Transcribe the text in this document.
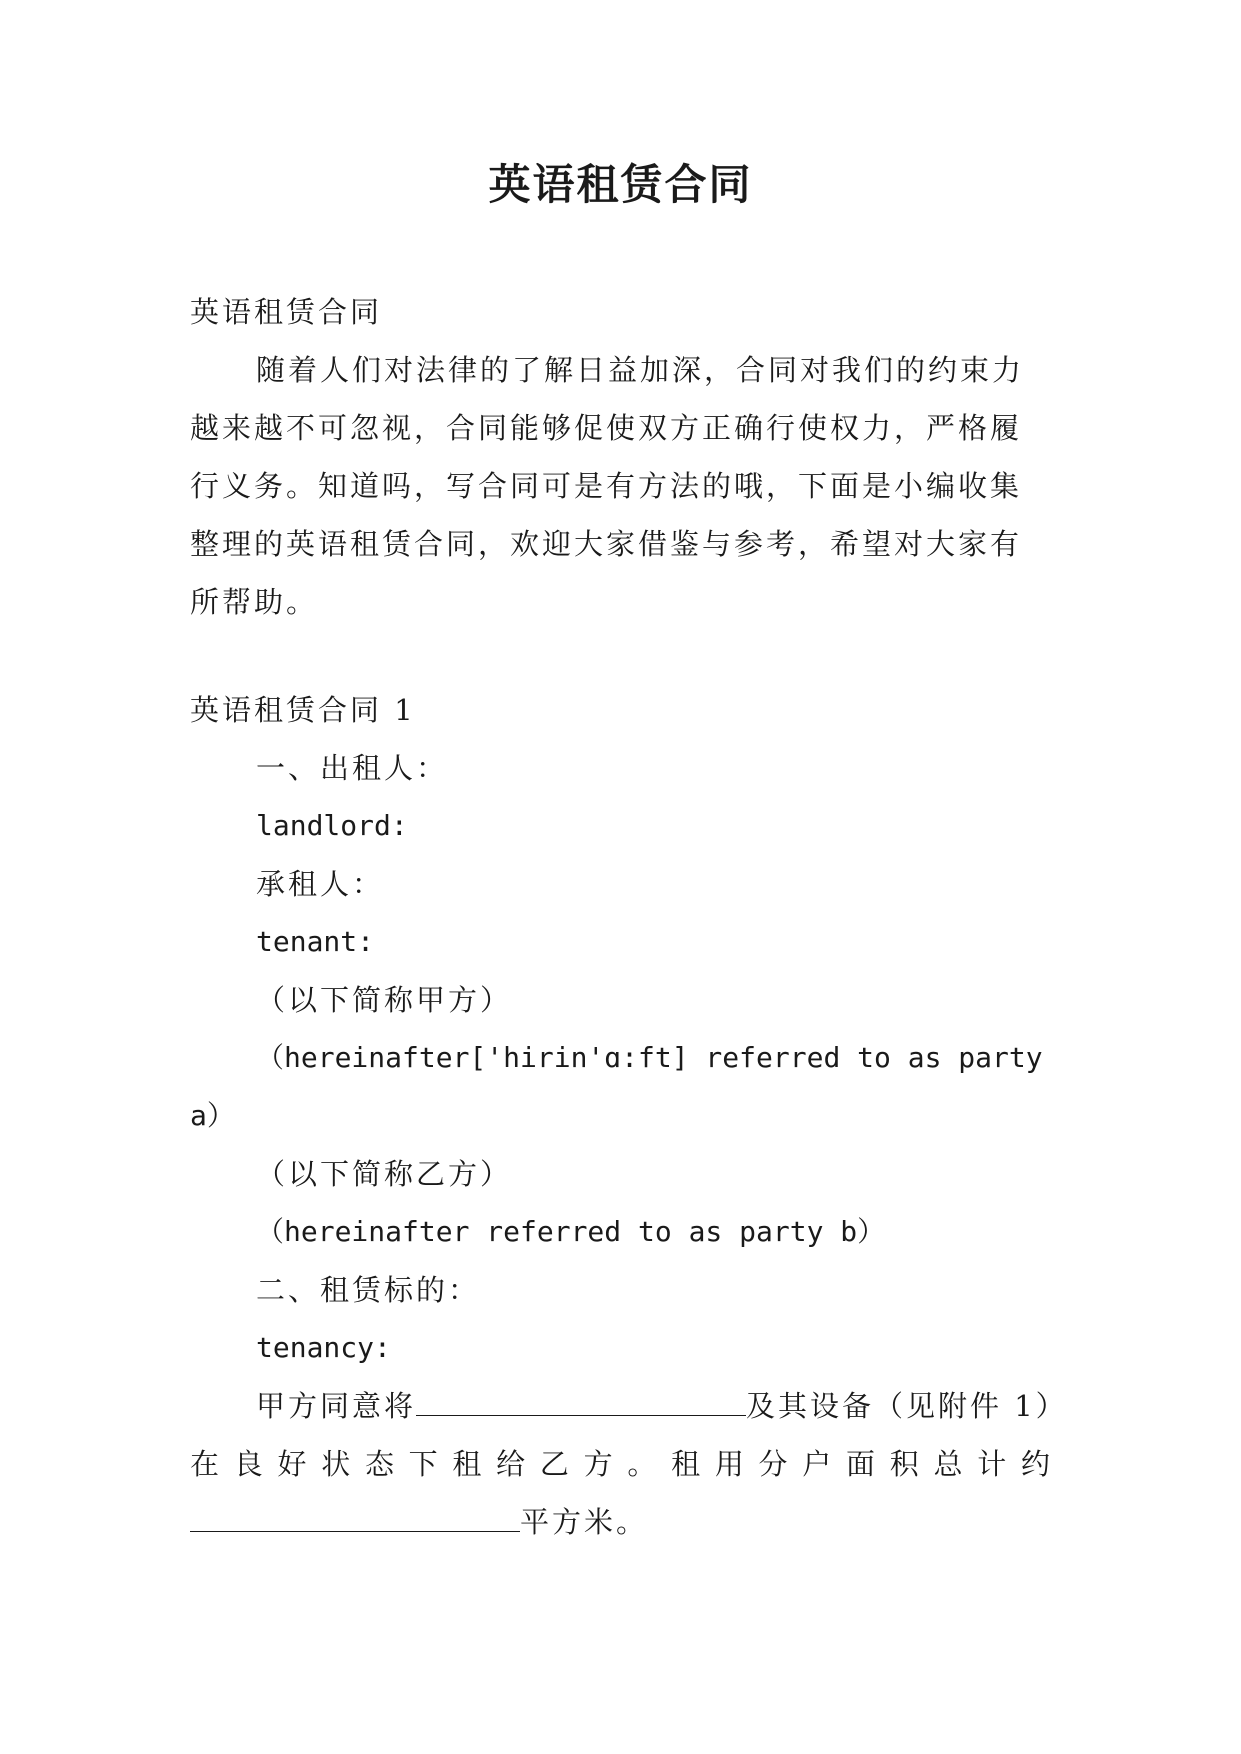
英语租赁合同

英语租赁合同

随着人们对法律的了解日益加深，合同对我们的约束力

越来越不可忽视，合同能够促使双方正确行使权力，严格履

行义务。知道吗，写合同可是有方法的哦，下面是小编收集

整理的英语租赁合同，欢迎大家借鉴与参考，希望对大家有

所帮助。

英语租赁合同 1

一、出租人：

landlord:

承租人：

tenant:

（以下简称甲方）

（hereinafter['hirin'ɑ:ft] referred to as party

a）

（以下简称乙方）

（hereinafter referred to as party b）

二、租赁标的：

tenancy:

甲方同意将	及其设备（见附件 1）

在 良 好 状 态 下 租 给 乙 方 。 租 用 分 户 面 积 总 计 约

平方米。
